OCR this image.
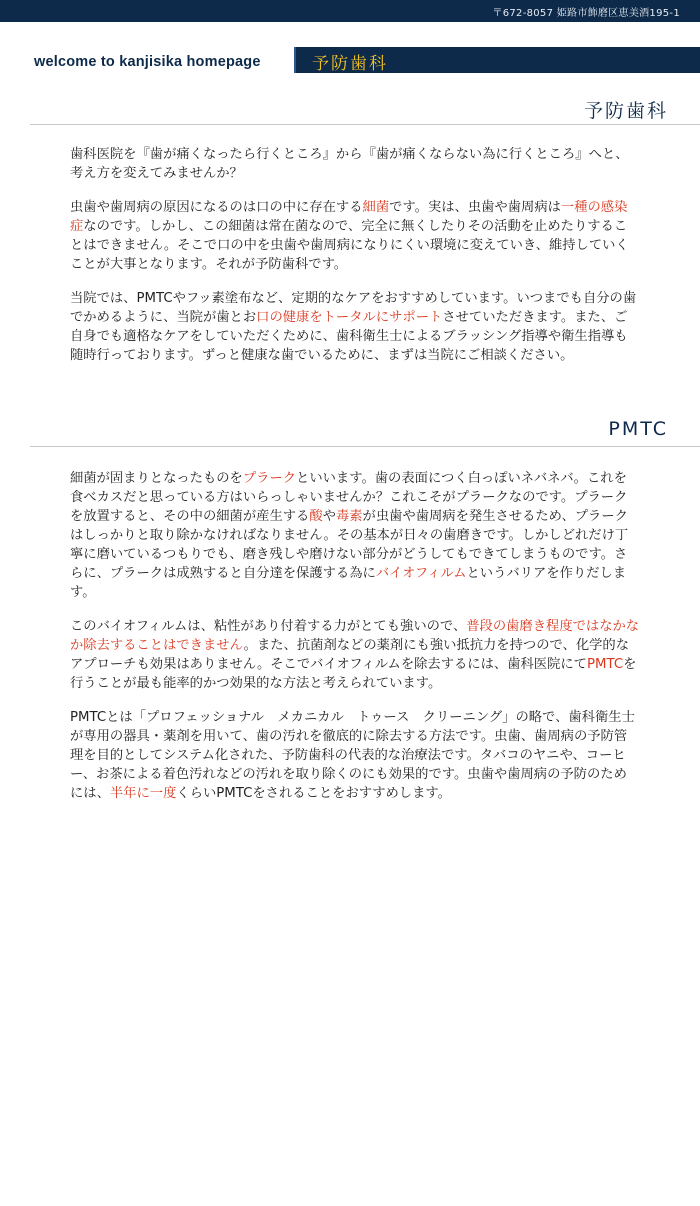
〒672-8057 姫路市飾磨区恵美酒195-1
welcome to kanjisika homepage	予防歯科
予防歯科

歯科医院を『歯が痛くなったら行くところ』から『歯が痛くならない為に行くところ』へと、考え方を変えてみませんか？

虫歯や歯周病の原因になるのは口の中に存在する細菌です。実は、虫歯や歯周病は一種の感染症なのです。しかし、この細菌は常在菌なので、完全に無くしたりその活動を止めたりすることはできません。そこで口の中を虫歯や歯周病になりにくい環境に変えていき、維持していくことが大事となります。それが予防歯科です。

当院では、PMTCやフッ素塗布など、定期的なケアをおすすめしています。いつまでも自分の歯でかめるように、当院が歯とお口の健康をトータルにサポートさせていただきます。また、ご自身でも適格なケアをしていただくために、歯科衛生士によるブラッシング指導や衛生指導も随時行っております。ずっと健康な歯でいるために、まずは当院にご相談ください。

PMTC

細菌が固まりとなったものをプラークといいます。歯の表面につく白っぽいネバネバ。これを食べカスだと思っている方はいらっしゃいませんか？これこそがプラークなのです。プラークを放置すると、その中の細菌が産生する酸や毒素が虫歯や歯周病を発生させるため、プラークはしっかりと取り除かなければなりません。その基本が日々の歯磨きです。しかしどれだけ丁寧に磨いているつもりでも、磨き残しや磨けない部分がどうしてもできてしまうものです。さらに、プラークは成熟すると自分達を保護する為にバイオフィルムというバリアを作りだします。

このバイオフィルムは、粘性があり付着する力がとても強いので、普段の歯磨き程度ではなかなか除去することはできません。また、抗菌剤などの薬剤にも強い抵抗力を持つので、化学的なアプローチも効果はありません。そこでバイオフィルムを除去するには、歯科医院にてPMTCを行うことが最も能率的かつ効果的な方法と考えられています。

PMTCとは「プロフェッショナル　メカニカル　トゥース　クリーニング」の略で、歯科衛生士が専用の器具・薬剤を用いて、歯の汚れを徹底的に除去する方法です。虫歯、歯周病の予防管理を目的としてシステム化された、予防歯科の代表的な治療法です。タバコのヤニや、コーヒー、お茶による着色汚れなどの汚れを取り除くのにも効果的です。虫歯や歯周病の予防のためには、半年に一度くらいPMTCをされることをおすすめします。
